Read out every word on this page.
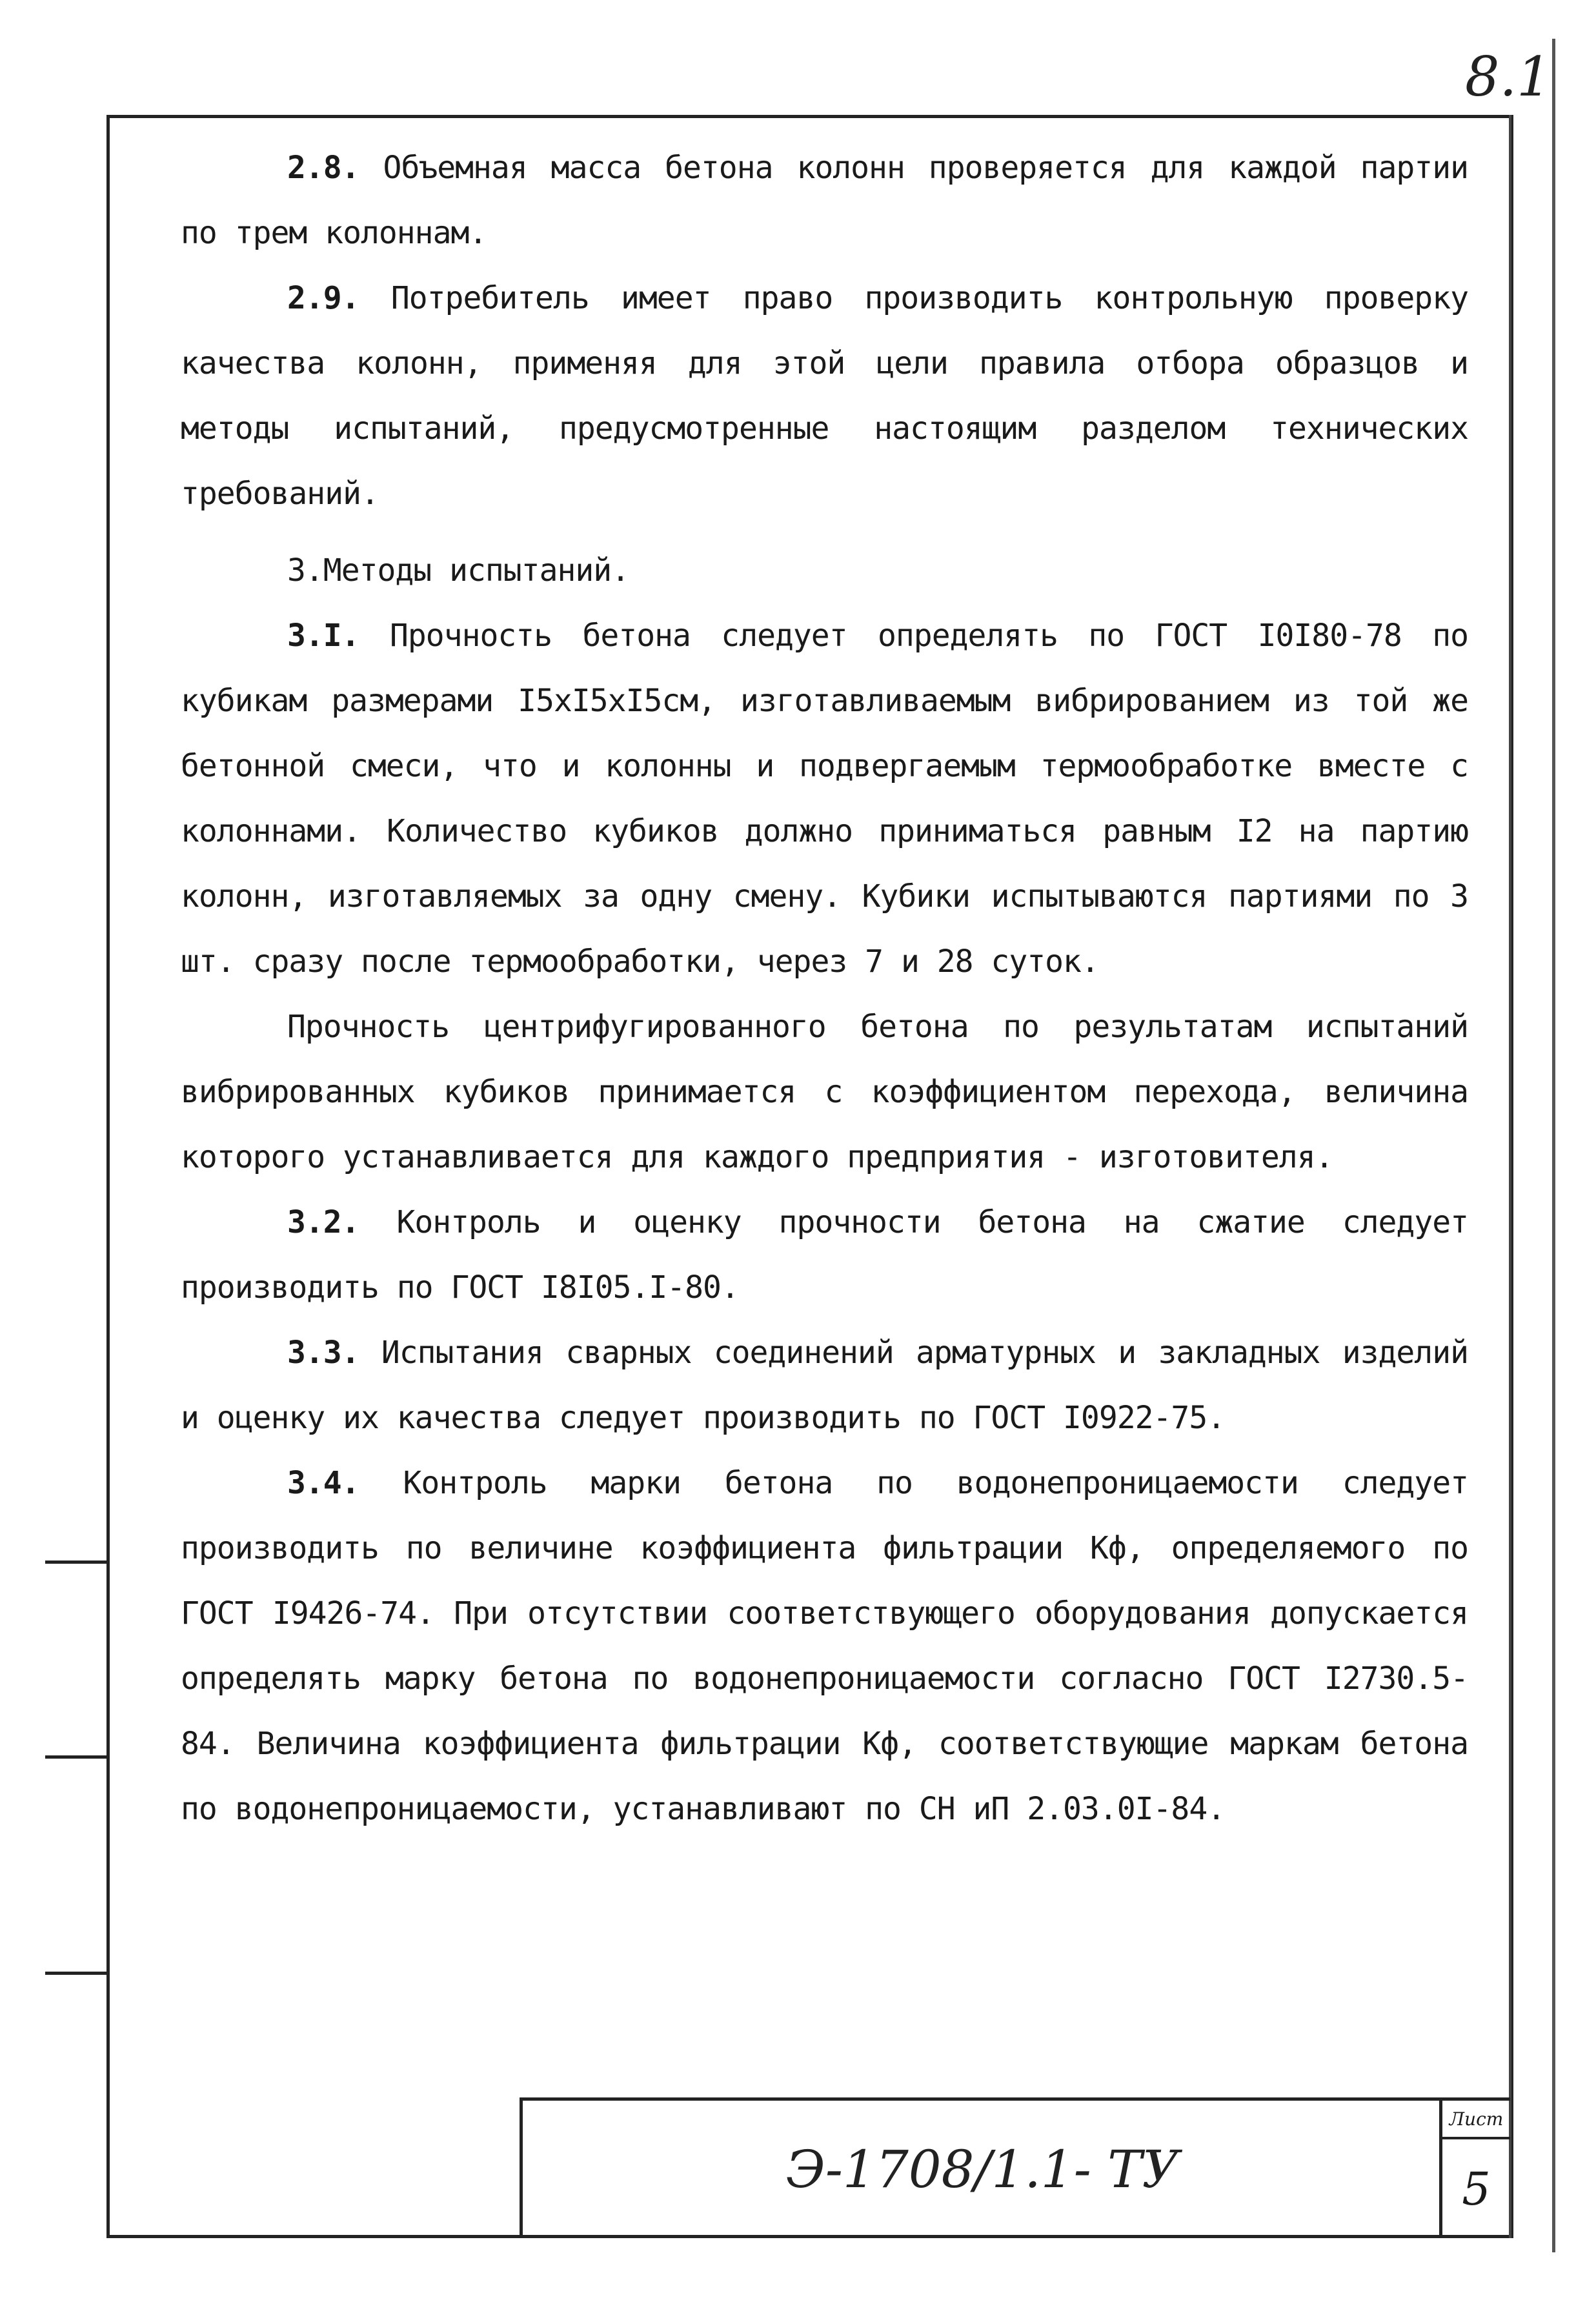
8.1

2.8. Объемная масса бетона колонн проверяется для каждой партии по трем колоннам.

2.9. Потребитель имеет право производить контрольную проверку качества колонн, применяя для этой цели правила отбора образцов и методы испытаний, предусмотренные настоящим разделом технических требований.

3.Методы испытаний.

3.I. Прочность бетона следует определять по ГОСТ I0I80-78 по кубикам размерами I5xI5xI5см, изготавливаемым вибрированием из той же бетонной смеси, что и колонны и подвергаемым термообработке вместе с колоннами. Количество кубиков должно приниматься равным I2 на партию колонн, изготавляемых за одну смену. Кубики испытываются партиями по 3 шт. сразу после термообработки, через 7 и 28 суток.

Прочность центрифугированного бетона по результатам испытаний вибрированных кубиков принимается с коэффициентом перехода, величина которого устанавливается для каждого предприятия - изготовителя.

3.2. Контроль и оценку прочности бетона на сжатие следует производить по ГОСТ I8I05.I-80.

3.3. Испытания сварных соединений арматурных и закладных изделий и оценку их качества следует производить по ГОСТ I0922-75.

3.4. Контроль марки бетона по водонепроницаемости следует производить по величине коэффициента фильтрации Кф, определяемого по ГОСТ I9426-74. При отсутствии соответствующего оборудования допускается определять марку бетона по водонепроницаемости согласно ГОСТ I2730.5-84. Величина коэффициента фильтрации Кф, соответствующие маркам бетона по водонепроницаемости, устанавливают по СН иП 2.03.0I-84.

Э-1708/1.1- ТУ
Лист
5
